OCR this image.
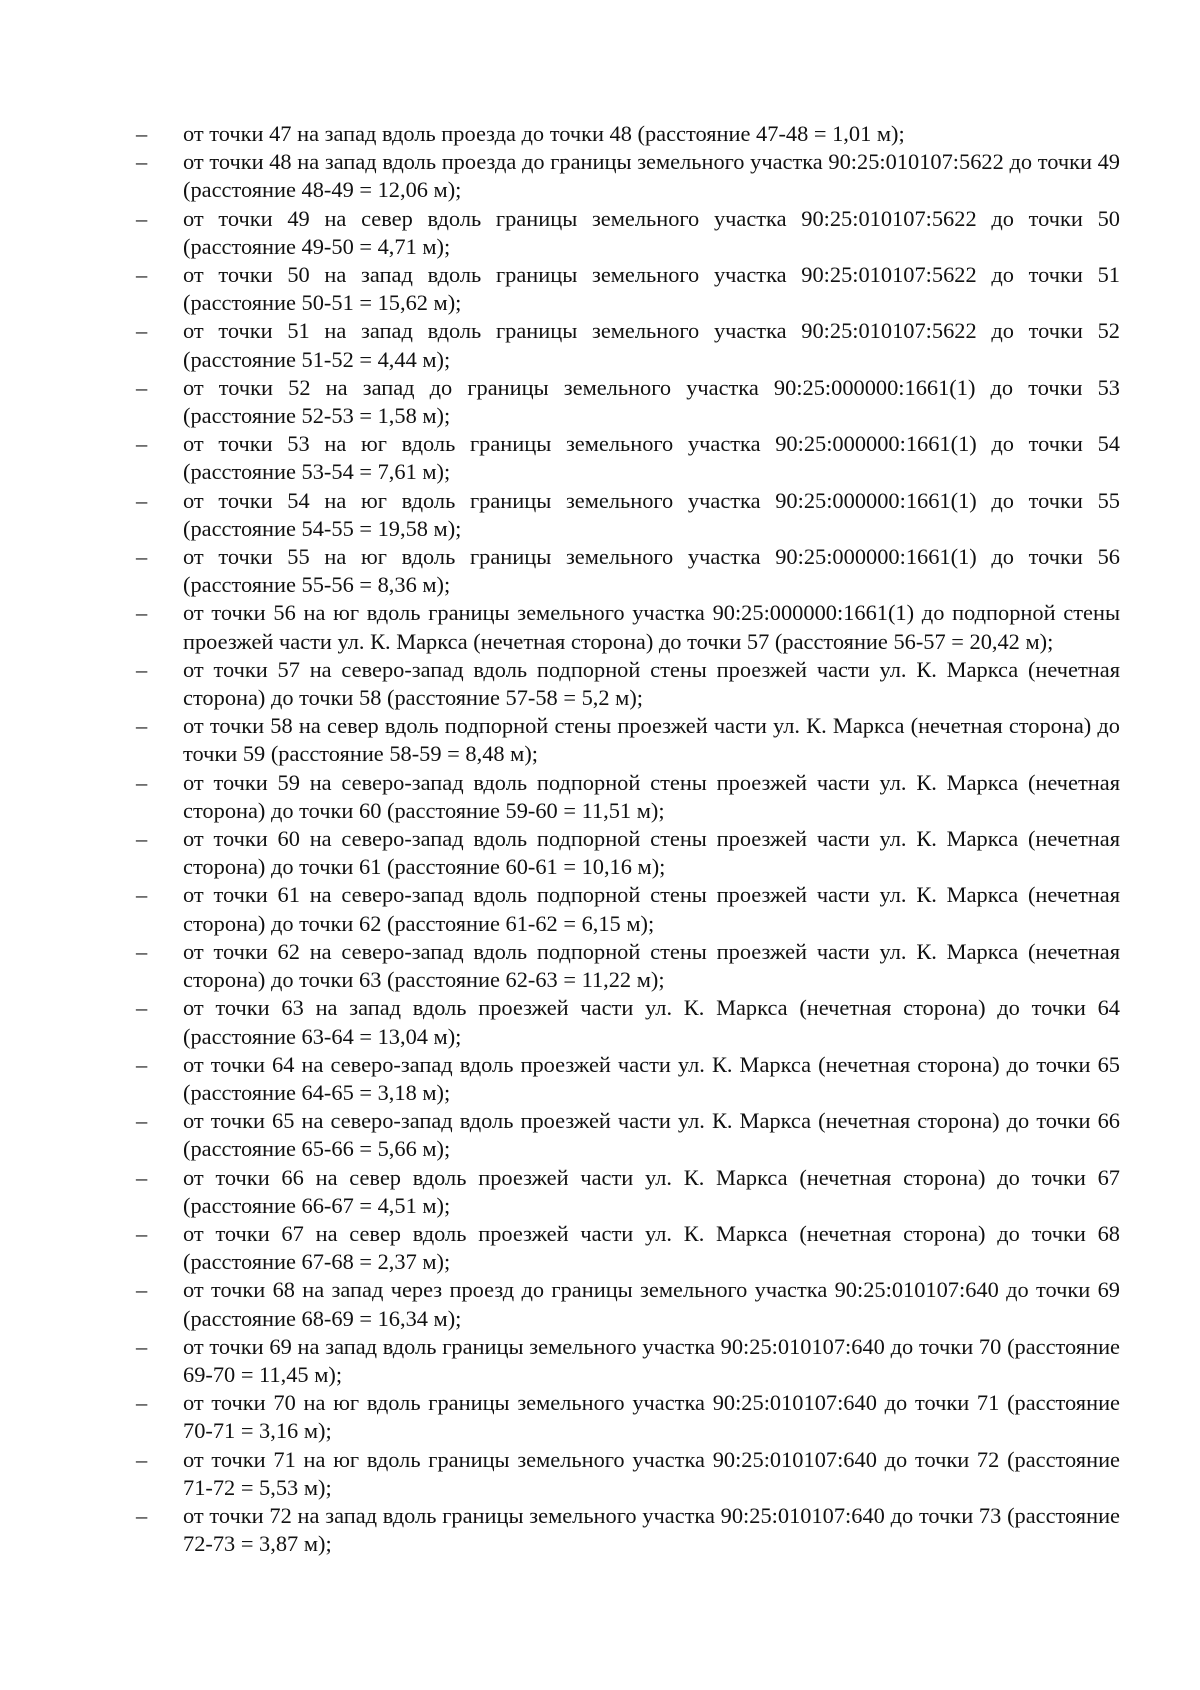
–	от точки 47 на запад вдоль проезда до точки 48 (расстояние 47-48 = 1,01 м);
–	от точки 48 на запад вдоль проезда до границы земельного участка 90:25:010107:5622 до точки 49 (расстояние 48-49 = 12,06 м);
–	от точки 49 на север вдоль границы земельного участка 90:25:010107:5622 до точки 50 (расстояние 49-50 = 4,71 м);
–	от точки 50 на запад вдоль границы земельного участка 90:25:010107:5622 до точки 51 (расстояние 50-51 = 15,62 м);
–	от точки 51 на запад вдоль границы земельного участка 90:25:010107:5622 до точки 52 (расстояние 51-52 = 4,44 м);
–	от точки 52 на запад до границы земельного участка 90:25:000000:1661(1) до точки 53 (расстояние 52-53 = 1,58 м);
–	от точки 53 на юг вдоль границы земельного участка 90:25:000000:1661(1) до точки 54 (расстояние 53-54 = 7,61 м);
–	от точки 54 на юг вдоль границы земельного участка 90:25:000000:1661(1) до точки 55 (расстояние 54-55 = 19,58 м);
–	от точки 55 на юг вдоль границы земельного участка 90:25:000000:1661(1) до точки 56 (расстояние 55-56 = 8,36 м);
–	от точки 56 на юг вдоль границы земельного участка 90:25:000000:1661(1) до подпорной стены проезжей части ул. К. Маркса (нечетная сторона) до точки 57 (расстояние 56-57 = 20,42 м);
–	от точки 57 на северо-запад вдоль подпорной стены проезжей части ул. К. Маркса (нечетная сторона) до точки 58 (расстояние 57-58 = 5,2 м);
–	от точки 58 на север вдоль подпорной стены проезжей части ул. К. Маркса (нечетная сторона) до точки 59 (расстояние 58-59 = 8,48 м);
–	от точки 59 на северо-запад вдоль подпорной стены проезжей части ул. К. Маркса (нечетная сторона) до точки 60 (расстояние 59-60 = 11,51 м);
–	от точки 60 на северо-запад вдоль подпорной стены проезжей части ул. К. Маркса (нечетная сторона) до точки 61 (расстояние 60-61 = 10,16 м);
–	от точки 61 на северо-запад вдоль подпорной стены проезжей части ул. К. Маркса (нечетная сторона) до точки 62 (расстояние 61-62 = 6,15 м);
–	от точки 62 на северо-запад вдоль подпорной стены проезжей части ул. К. Маркса (нечетная сторона) до точки 63 (расстояние 62-63 = 11,22 м);
–	от точки 63 на запад вдоль проезжей части ул. К. Маркса (нечетная сторона) до точки 64 (расстояние 63-64 = 13,04 м);
–	от точки 64 на северо-запад вдоль проезжей части ул. К. Маркса (нечетная сторона) до точки 65 (расстояние 64-65 = 3,18 м);
–	от точки 65 на северо-запад вдоль проезжей части ул. К. Маркса (нечетная сторона) до точки 66 (расстояние 65-66 = 5,66 м);
–	от точки 66 на север вдоль проезжей части ул. К. Маркса (нечетная сторона) до точки 67 (расстояние 66-67 = 4,51 м);
–	от точки 67 на север вдоль проезжей части ул. К. Маркса (нечетная сторона) до точки 68 (расстояние 67-68 = 2,37 м);
–	от точки 68 на запад через проезд до границы земельного участка 90:25:010107:640 до точки 69 (расстояние 68-69 = 16,34 м);
–	от точки 69 на запад вдоль границы земельного участка 90:25:010107:640 до точки 70 (расстояние 69-70 = 11,45 м);
–	от точки 70 на юг вдоль границы земельного участка 90:25:010107:640 до точки 71 (расстояние 70-71 = 3,16 м);
–	от точки 71 на юг вдоль границы земельного участка 90:25:010107:640 до точки 72 (расстояние 71-72 = 5,53 м);
–	от точки 72 на запад вдоль границы земельного участка 90:25:010107:640 до точки 73 (расстояние 72-73 = 3,87 м);
